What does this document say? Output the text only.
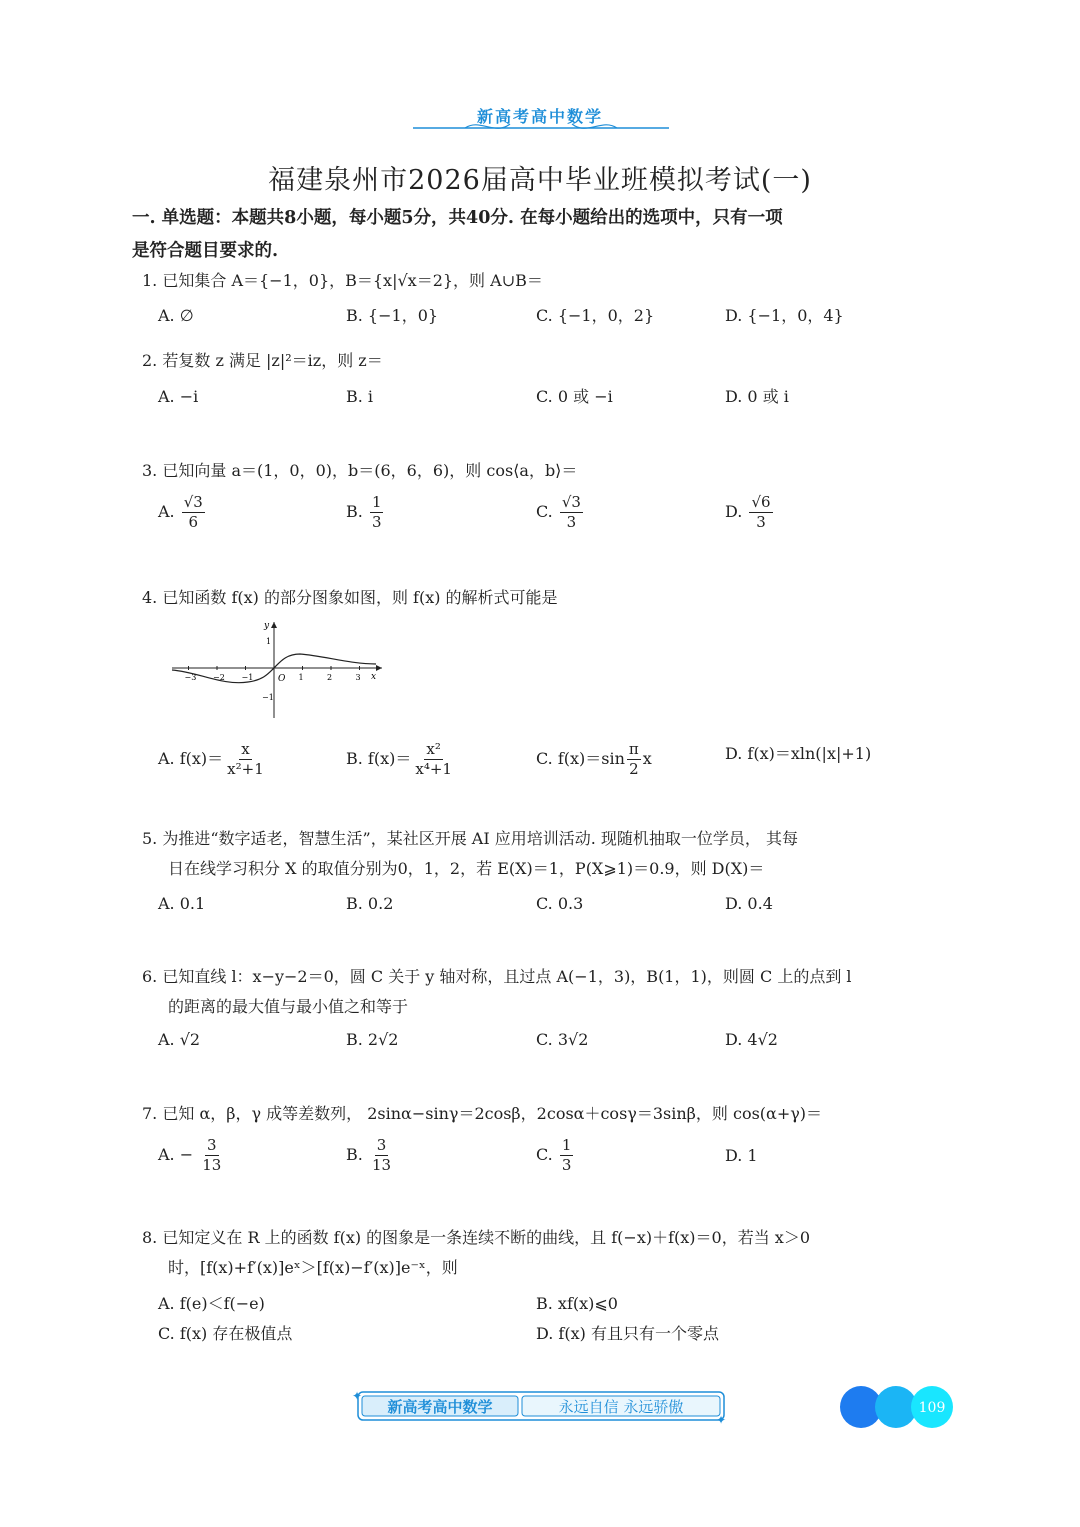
新高考高中数学
福建泉州市2026届高中毕业班模拟考试(一)
一. 单选题：本题共8小题，每小题5分，共40分. 在每小题给出的选项中，只有一项
是符合题目要求的.
1. 已知集合 A＝{−1，0}，B＝{x|√x＝2}，则 A∪B＝
A. ∅	B. {−1，0}	C. {−1，0，2}	D. {−1，0，4}
2. 若复数 z 满足 |z|²＝iz，则 z＝
A. −i	B. i	C. 0 或 −i	D. 0 或 i
3. 已知向量 a＝(1，0，0)，b＝(6，6，6)，则 cos⟨a，b⟩＝
A. $\frac{√3}{6}$	B. $\frac{1}{3}$	C. $\frac{√3}{3}$	D. $\frac{√6}{3}$
4. 已知函数 f(x) 的部分图象如图，则 f(x) 的解析式可能是
y
x
O
1
−1
−3 −2 −1	1	2	3
A. $f(x)= \frac{x}{\text{x²+1}}$	B. $f(x)= \frac{\text{x²}}{\text{x⁴+1}}$	C. $f(x)=\sin \frac{\pi}{2}$ x	D. f(x)＝xln(|x|+1)
5. 为推进“数字适老，智慧生活”，某社区开展 AI 应用培训活动. 现随机抽取一位学员， 其每
日在线学习积分 X 的取值分别为0，1，2，若 E(X)＝1，P(X⩾1)＝0.9，则 D(X)＝
A. 0.1	B. 0.2	C. 0.3	D. 0.4
6. 已知直线 l：x−y−2＝0，圆 C 关于 y 轴对称，且过点 A(−1，3)，B(1，1)，则圆 C 上的点到 l
的距离的最大值与最小值之和等于
A. √2	B. 2√2	C. 3√2	D. 4√2
7. 已知 α，β，γ 成等差数列， 2sinα−sinγ＝2cosβ，2cosα＋cosγ＝3sinβ，则 cos(α+γ)＝
A. − $\frac{3}{13}$	B. $\frac{3}{13}$	C. $\frac{1}{3}$	D. 1
8. 已知定义在 R 上的函数 f(x) 的图象是一条连续不断的曲线，且 f(−x)＋f(x)＝0，若当 x＞0
时，[f(x)+f′(x)]eˣ＞[f(x)−f′(x)]e⁻ˣ，则
A. f(e)＜f(−e)	B. xf(x)⩽0
C. f(x) 存在极值点	D. f(x) 有且只有一个零点
✦
✦
新高考高中数学	永远自信 永远骄傲	109
